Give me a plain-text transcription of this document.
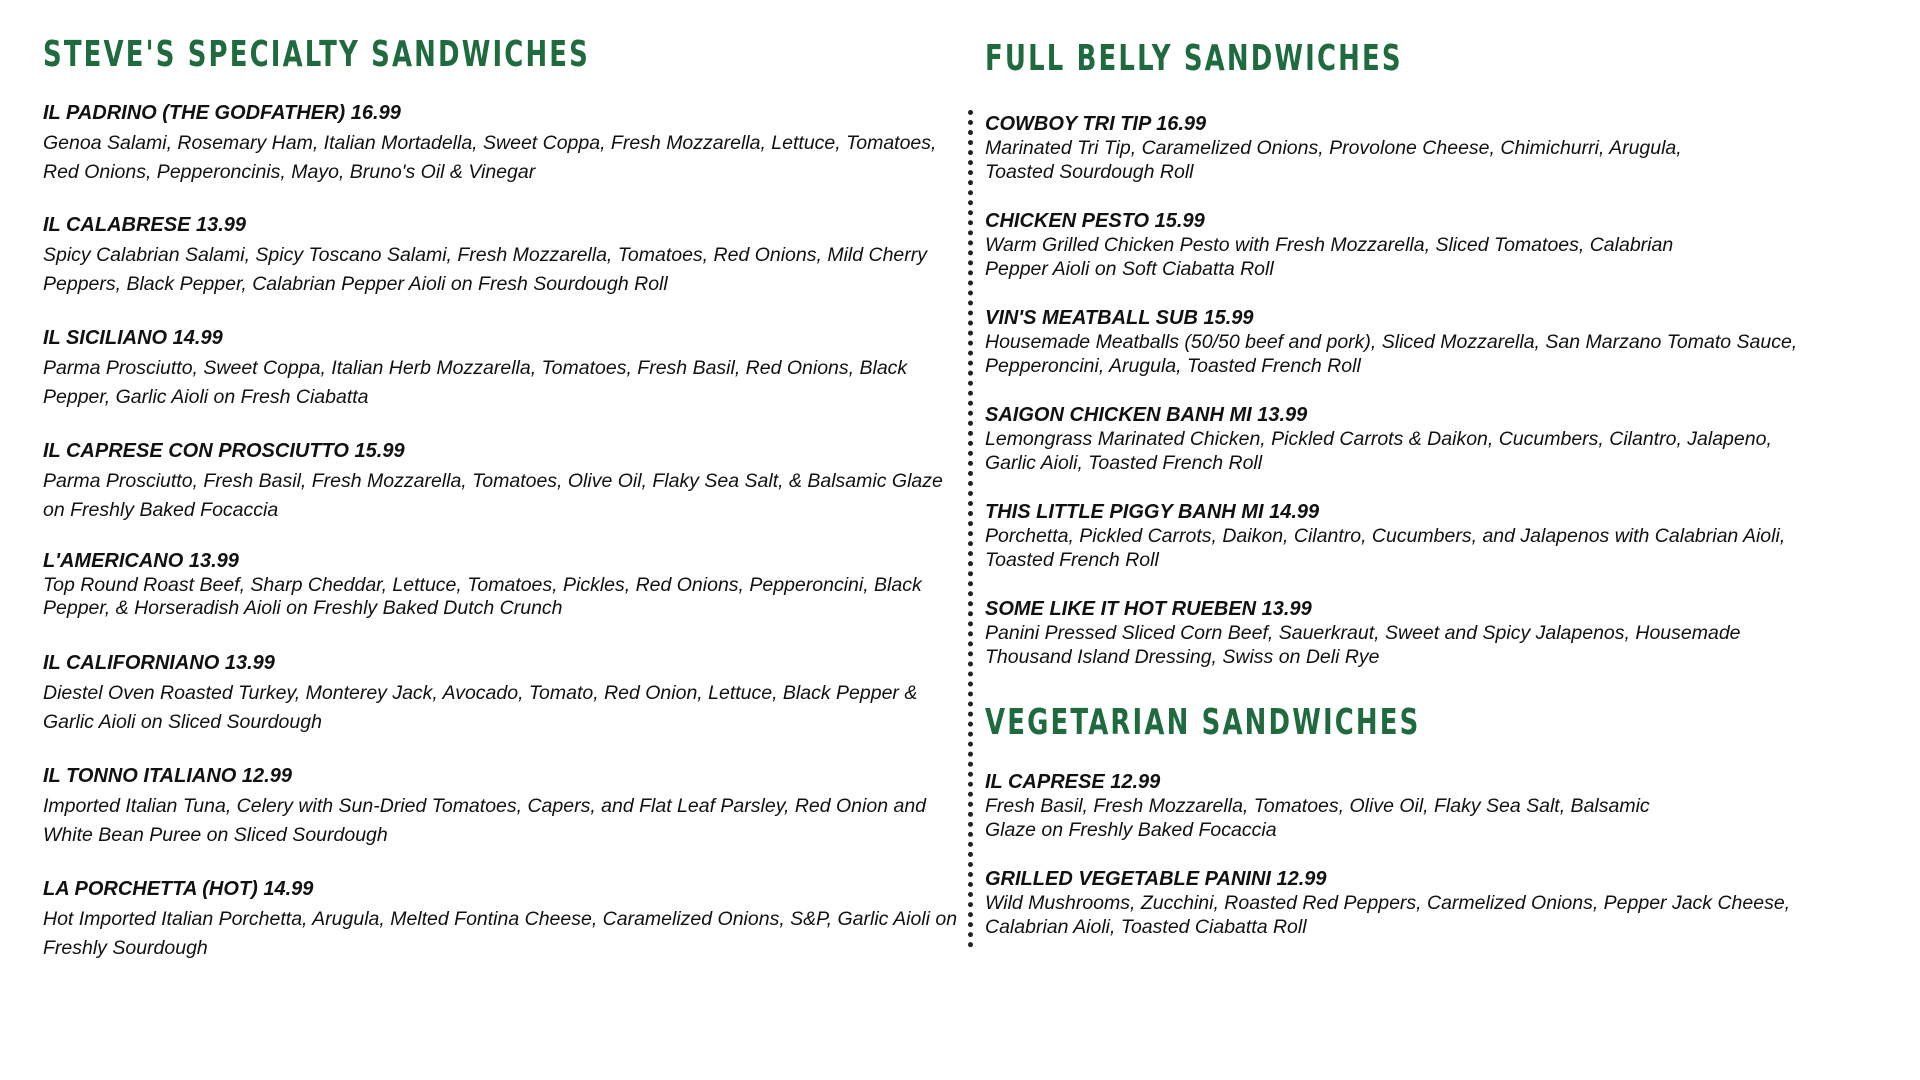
STEVE'S SPECIALTY SANDWICHES
IL PADRINO (THE GODFATHER) 16.99
Genoa Salami, Rosemary Ham, Italian Mortadella, Sweet Coppa, Fresh Mozzarella, Lettuce, Tomatoes, Red Onions, Pepperoncinis, Mayo, Bruno's Oil & Vinegar
IL CALABRESE 13.99
Spicy Calabrian Salami, Spicy Toscano Salami, Fresh Mozzarella, Tomatoes, Red Onions, Mild Cherry Peppers, Black Pepper, Calabrian Pepper Aioli on Fresh Sourdough Roll
IL SICILIANO 14.99
Parma Prosciutto, Sweet Coppa, Italian Herb Mozzarella, Tomatoes, Fresh Basil, Red Onions, Black Pepper, Garlic Aioli on Fresh Ciabatta
IL CAPRESE CON PROSCIUTTO 15.99
Parma Prosciutto, Fresh Basil, Fresh Mozzarella, Tomatoes, Olive Oil, Flaky Sea Salt, & Balsamic Glaze on Freshly Baked Focaccia
L'AMERICANO 13.99
Top Round Roast Beef, Sharp Cheddar, Lettuce, Tomatoes, Pickles, Red Onions, Pepperoncini, Black Pepper, & Horseradish Aioli on Freshly Baked Dutch Crunch
IL CALIFORNIANO 13.99
Diestel Oven Roasted Turkey, Monterey Jack, Avocado, Tomato, Red Onion, Lettuce, Black Pepper & Garlic Aioli on Sliced Sourdough
IL TONNO ITALIANO 12.99
Imported Italian Tuna, Celery with Sun-Dried Tomatoes, Capers, and Flat Leaf Parsley, Red Onion and White Bean Puree on Sliced Sourdough
LA PORCHETTA (HOT) 14.99
Hot Imported Italian Porchetta, Arugula, Melted Fontina Cheese, Caramelized Onions, S&P, Garlic Aioli on Freshly Sourdough
FULL BELLY SANDWICHES
COWBOY TRI TIP 16.99
Marinated Tri Tip, Caramelized Onions, Provolone Cheese, Chimichurri, Arugula, Toasted Sourdough Roll
CHICKEN PESTO 15.99
Warm Grilled Chicken Pesto with Fresh Mozzarella, Sliced Tomatoes, Calabrian Pepper Aioli on Soft Ciabatta Roll
VIN'S MEATBALL SUB 15.99
Housemade Meatballs (50/50 beef and pork), Sliced Mozzarella, San Marzano Tomato Sauce, Pepperoncini, Arugula, Toasted French Roll
SAIGON CHICKEN BANH MI 13.99
Lemongrass Marinated Chicken, Pickled Carrots & Daikon, Cucumbers, Cilantro, Jalapeno, Garlic Aioli, Toasted French Roll
THIS LITTLE PIGGY BANH MI 14.99
Porchetta, Pickled Carrots, Daikon, Cilantro, Cucumbers, and Jalapenos with Calabrian Aioli, Toasted French Roll
SOME LIKE IT HOT RUEBEN 13.99
Panini Pressed Sliced Corn Beef, Sauerkraut, Sweet and Spicy Jalapenos, Housemade Thousand Island Dressing, Swiss on Deli Rye
VEGETARIAN SANDWICHES
IL CAPRESE 12.99
Fresh Basil, Fresh Mozzarella, Tomatoes, Olive Oil, Flaky Sea Salt, Balsamic Glaze on Freshly Baked Focaccia
GRILLED VEGETABLE PANINI 12.99
Wild Mushrooms, Zucchini, Roasted Red Peppers, Carmelized Onions, Pepper Jack Cheese, Calabrian Aioli, Toasted Ciabatta Roll
